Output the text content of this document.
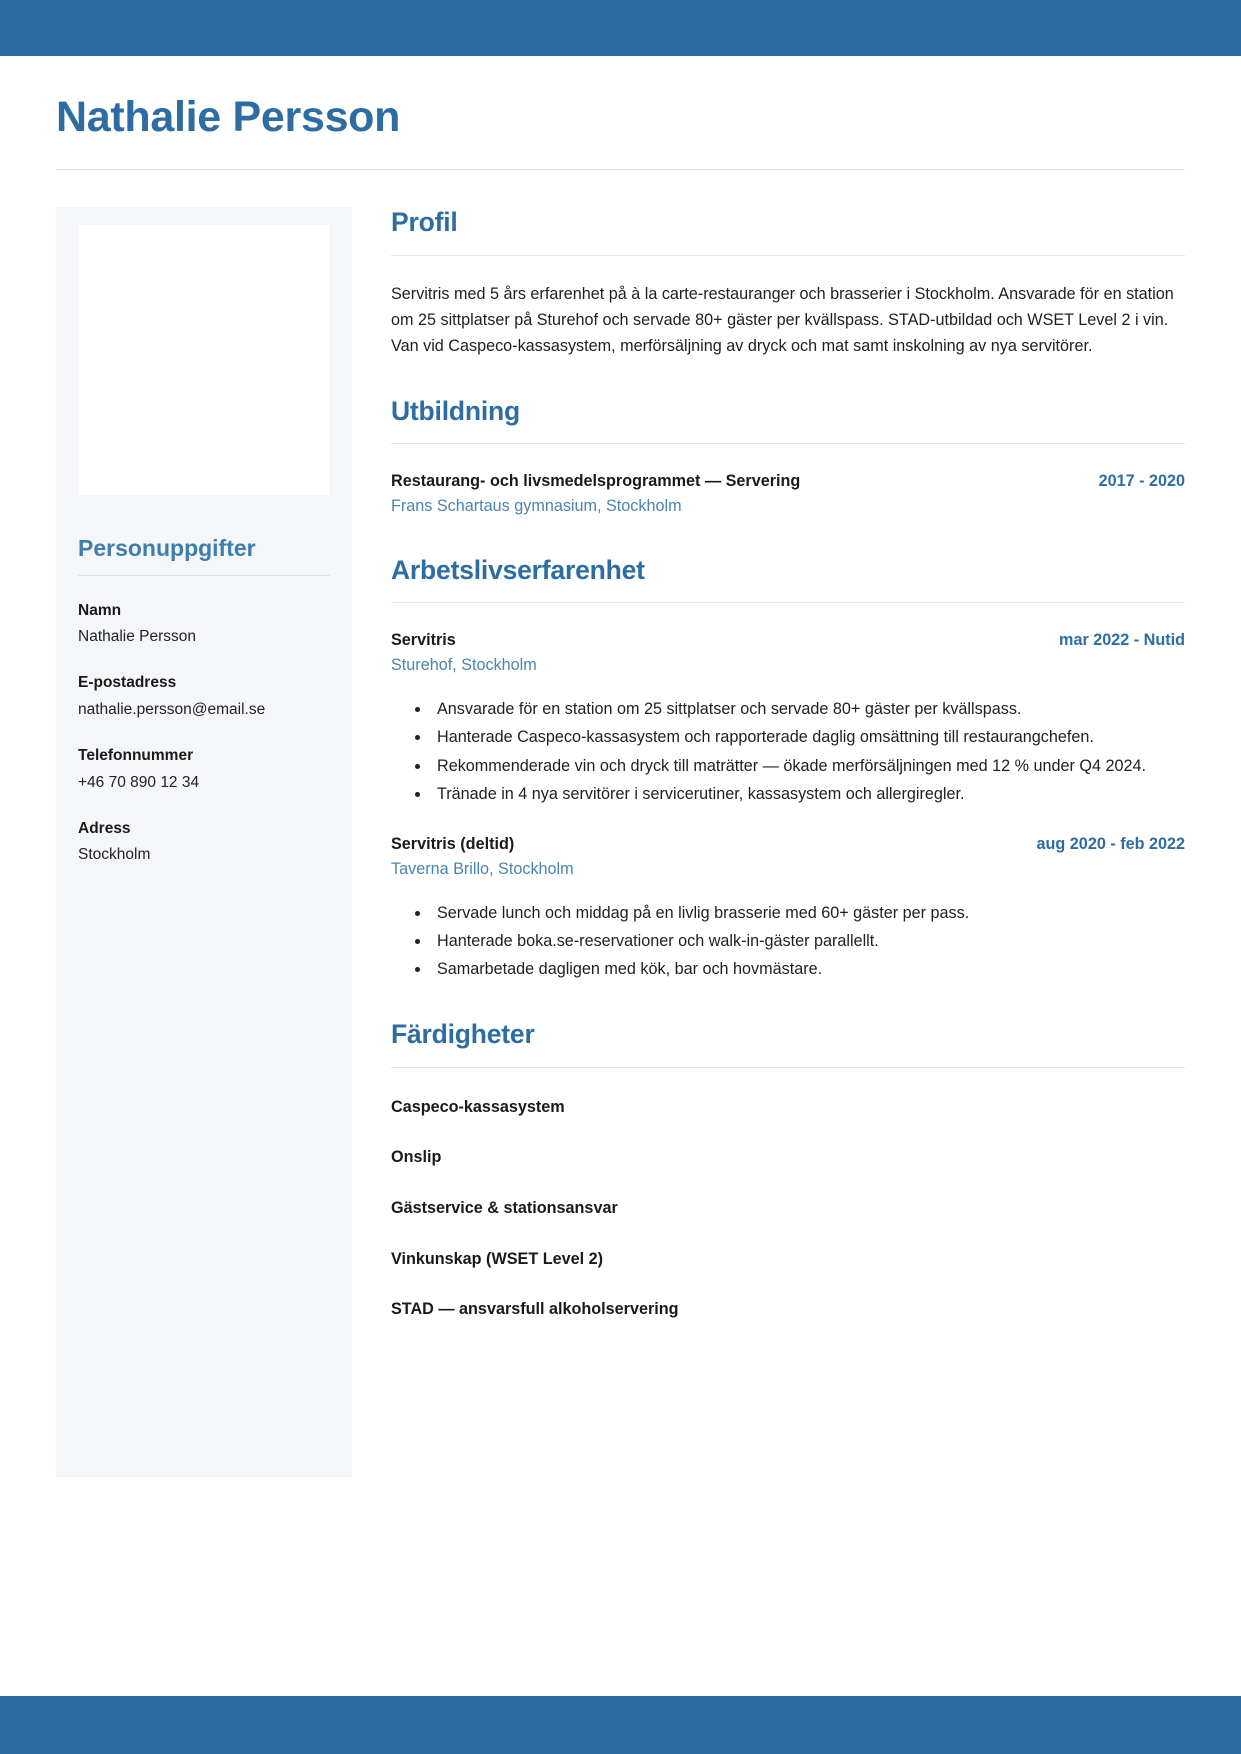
Nathalie Persson
Personuppgifter
Namn
Nathalie Persson
E-postadress
nathalie.persson@email.se
Telefonnummer
+46 70 890 12 34
Adress
Stockholm
Profil

Servitris med 5 års erfarenhet på à la carte-restauranger och brasserier i Stockholm. Ansvarade för en station om 25 sittplatser på Sturehof och servade 80+ gäster per kvällspass. STAD-utbildad och WSET Level 2 i vin. Van vid Caspeco-kassasystem, merförsäljning av dryck och mat samt inskolning av nya servitörer.

Utbildning
Restaurang- och livsmedelsprogrammet — Servering	2017 - 2020
Frans Schartaus gymnasium, Stockholm
Arbetslivserfarenhet
Servitris	mar 2022 - Nutid
Sturehof, Stockholm
• Ansvarade för en station om 25 sittplatser och servade 80+ gäster per kvällspass.
• Hanterade Caspeco-kassasystem och rapporterade daglig omsättning till restaurangchefen.
• Rekommenderade vin och dryck till maträtter — ökade merförsäljningen med 12 % under Q4 2024.
• Tränade in 4 nya servitörer i servicerutiner, kassasystem och allergiregler.
Servitris (deltid)	aug 2020 - feb 2022
Taverna Brillo, Stockholm
• Servade lunch och middag på en livlig brasserie med 60+ gäster per pass.
• Hanterade boka.se-reservationer och walk-in-gäster parallellt.
• Samarbetade dagligen med kök, bar och hovmästare.
Färdigheter
Caspeco-kassasystem
Onslip
Gästservice & stationsansvar
Vinkunskap (WSET Level 2)
STAD — ansvarsfull alkoholservering
